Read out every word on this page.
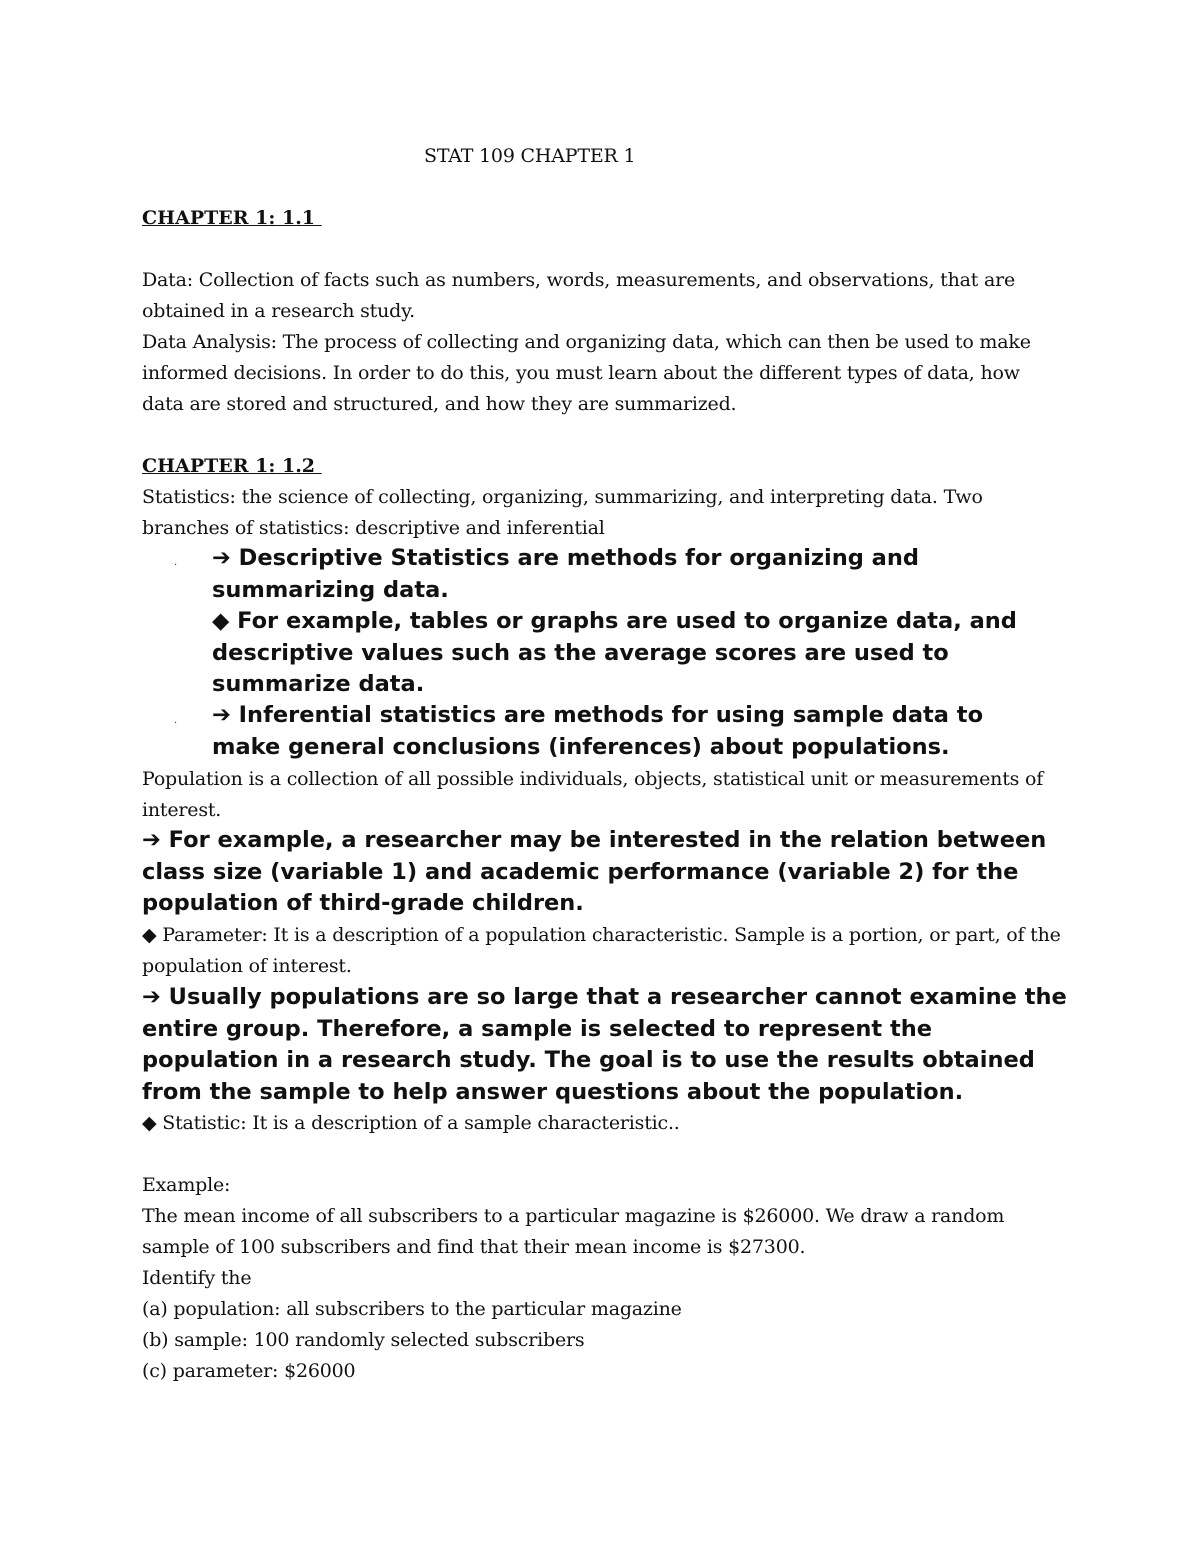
STAT 109 CHAPTER 1
CHAPTER 1: 1.1

Data: Collection of facts such as numbers, words, measurements, and observations, that are obtained in a research study.

Data Analysis: The process of collecting and organizing data, which can then be used to make informed decisions. In order to do this, you must learn about the different types of data, how data are stored and structured, and how they are summarized.

CHAPTER 1: 1.2
Statistics: the science of collecting, organizing, summarizing, and interpreting data. Two branches of statistics: descriptive and inferential
· ➔ Descriptive Statistics are methods for organizing and summarizing data.
◆ For example, tables or graphs are used to organize data, and descriptive values such as the average scores are used to summarize data.
· ➔ Inferential statistics are methods for using sample data to make general conclusions (inferences) about populations.
Population is a collection of all possible individuals, objects, statistical unit or measurements of interest.
➔ For example, a researcher may be interested in the relation between class size (variable 1) and academic performance (variable 2) for the population of third-grade children.
◆ Parameter: It is a description of a population characteristic. Sample is a portion, or part, of the population of interest.
➔ Usually populations are so large that a researcher cannot examine the entire group. Therefore, a sample is selected to represent the population in a research study. The goal is to use the results obtained from the sample to help answer questions about the population.
◆ Statistic: It is a description of a sample characteristic..
Example:
The mean income of all subscribers to a particular magazine is $26000. We draw a random sample of 100 subscribers and find that their mean income is $27300.
Identify the
(a) population: all subscribers to the particular magazine
(b) sample: 100 randomly selected subscribers
(c) parameter: $26000
